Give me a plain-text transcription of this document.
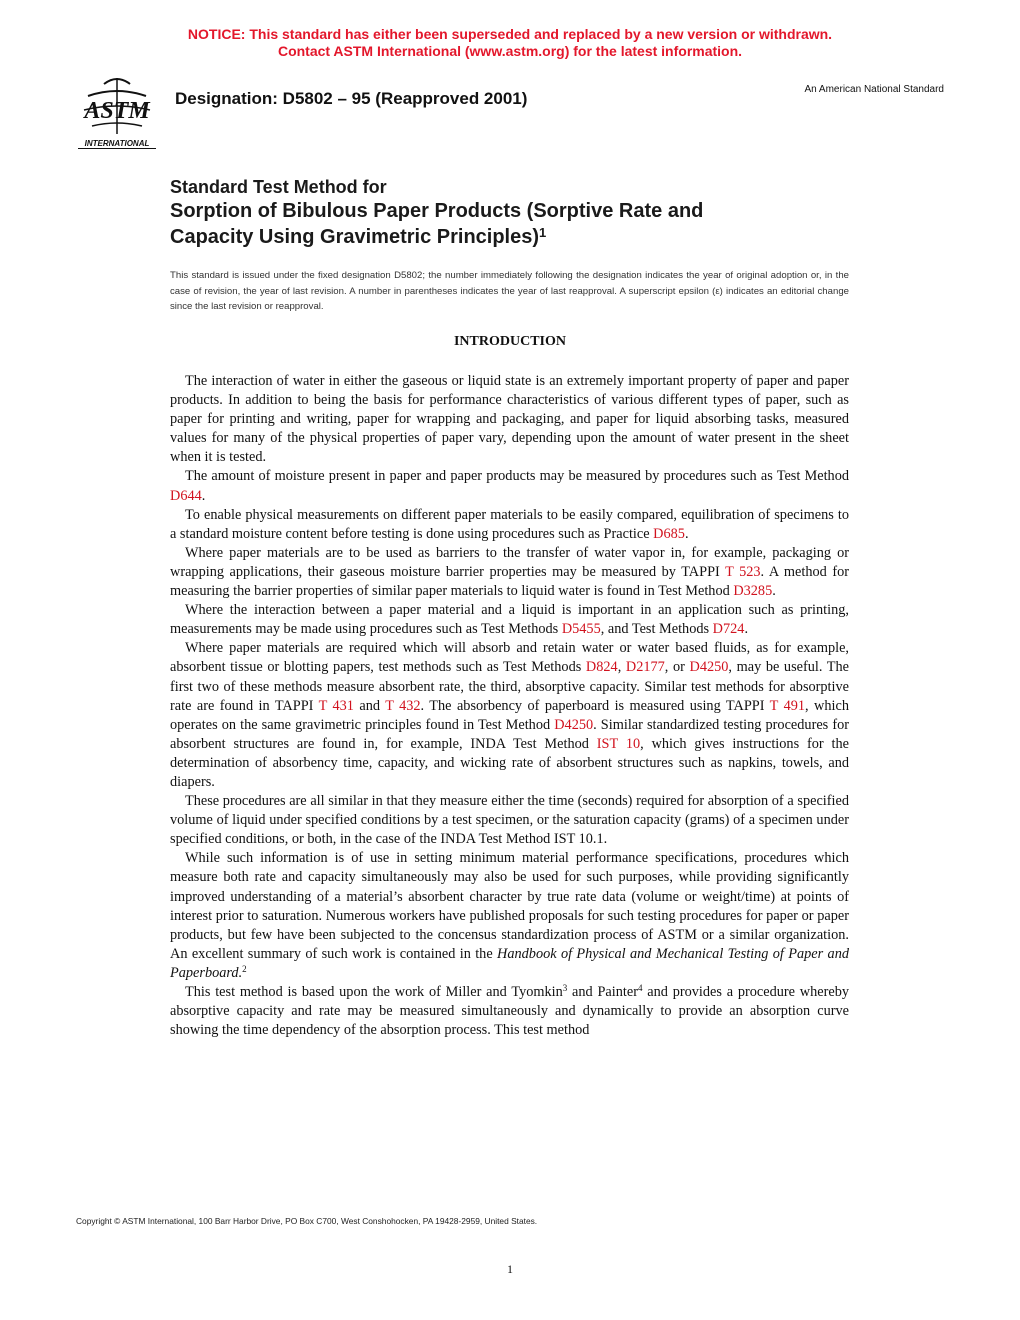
NOTICE: This standard has either been superseded and replaced by a new version or withdrawn.
Contact ASTM International (www.astm.org) for the latest information.
ASTM
INTERNATIONAL
Designation: D5802 – 95 (Reapproved 2001)	An American National Standard
Standard Test Method for
Sorption of Bibulous Paper Products (Sorptive Rate and
Capacity Using Gravimetric Principles)$^1$
This standard is issued under the fixed designation D5802; the number immediately following the designation indicates the year of original adoption or, in the case of revision, the year of last revision. A number in parentheses indicates the year of last reapproval. A superscript epsilon (ε) indicates an editorial change since the last revision or reapproval.
INTRODUCTION

The interaction of water in either the gaseous or liquid state is an extremely important property of paper and paper products. In addition to being the basis for performance characteristics of various different types of paper, such as paper for printing and writing, paper for wrapping and packaging, and paper for liquid absorbing tasks, measured values for many of the physical properties of paper vary, depending upon the amount of water present in the sheet when it is tested.

The amount of moisture present in paper and paper products may be measured by procedures such as Test Method D644.

To enable physical measurements on different paper materials to be easily compared, equilibration of specimens to a standard moisture content before testing is done using procedures such as Practice D685.

Where paper materials are to be used as barriers to the transfer of water vapor in, for example, packaging or wrapping applications, their gaseous moisture barrier properties may be measured by TAPPI T 523. A method for measuring the barrier properties of similar paper materials to liquid water is found in Test Method D3285.

Where the interaction between a paper material and a liquid is important in an application such as printing, measurements may be made using procedures such as Test Methods D5455, and Test Methods D724.

Where paper materials are required which will absorb and retain water or water based fluids, as for example, absorbent tissue or blotting papers, test methods such as Test Methods D824, D2177, or D4250, may be useful. The first two of these methods measure absorbent rate, the third, absorptive capacity. Similar test methods for absorptive rate are found in TAPPI T 431 and T 432. The absorbency of paperboard is measured using TAPPI T 491, which operates on the same gravimetric principles found in Test Method D4250. Similar standardized testing procedures for absorbent structures are found in, for example, INDA Test Method IST 10, which gives instructions for the determination of absorbency time, capacity, and wicking rate of absorbent structures such as napkins, towels, and diapers.

These procedures are all similar in that they measure either the time (seconds) required for absorption of a specified volume of liquid under specified conditions by a test specimen, or the saturation capacity (grams) of a specimen under specified conditions, or both, in the case of the INDA Test Method IST 10.1.

While such information is of use in setting minimum material performance specifications, procedures which measure both rate and capacity simultaneously may also be used for such purposes, while providing significantly improved understanding of a material’s absorbent character by true rate data (volume or weight/time) at points of interest prior to saturation. Numerous workers have published proposals for such testing procedures for paper or paper products, but few have been subjected to the concensus standardization process of ASTM or a similar organization. An excellent summary of such work is contained in the Handbook of Physical and Mechanical Testing of Paper and Paperboard.$^2$

This test method is based upon the work of Miller and Tyomkin$^3$ and Painter$^4$ and provides a procedure whereby absorptive capacity and rate may be measured simultaneously and dynamically to provide an absorption curve showing the time dependency of the absorption process. This test method

Copyright © ASTM International, 100 Barr Harbor Drive, PO Box C700, West Conshohocken, PA 19428-2959, United States.
1
